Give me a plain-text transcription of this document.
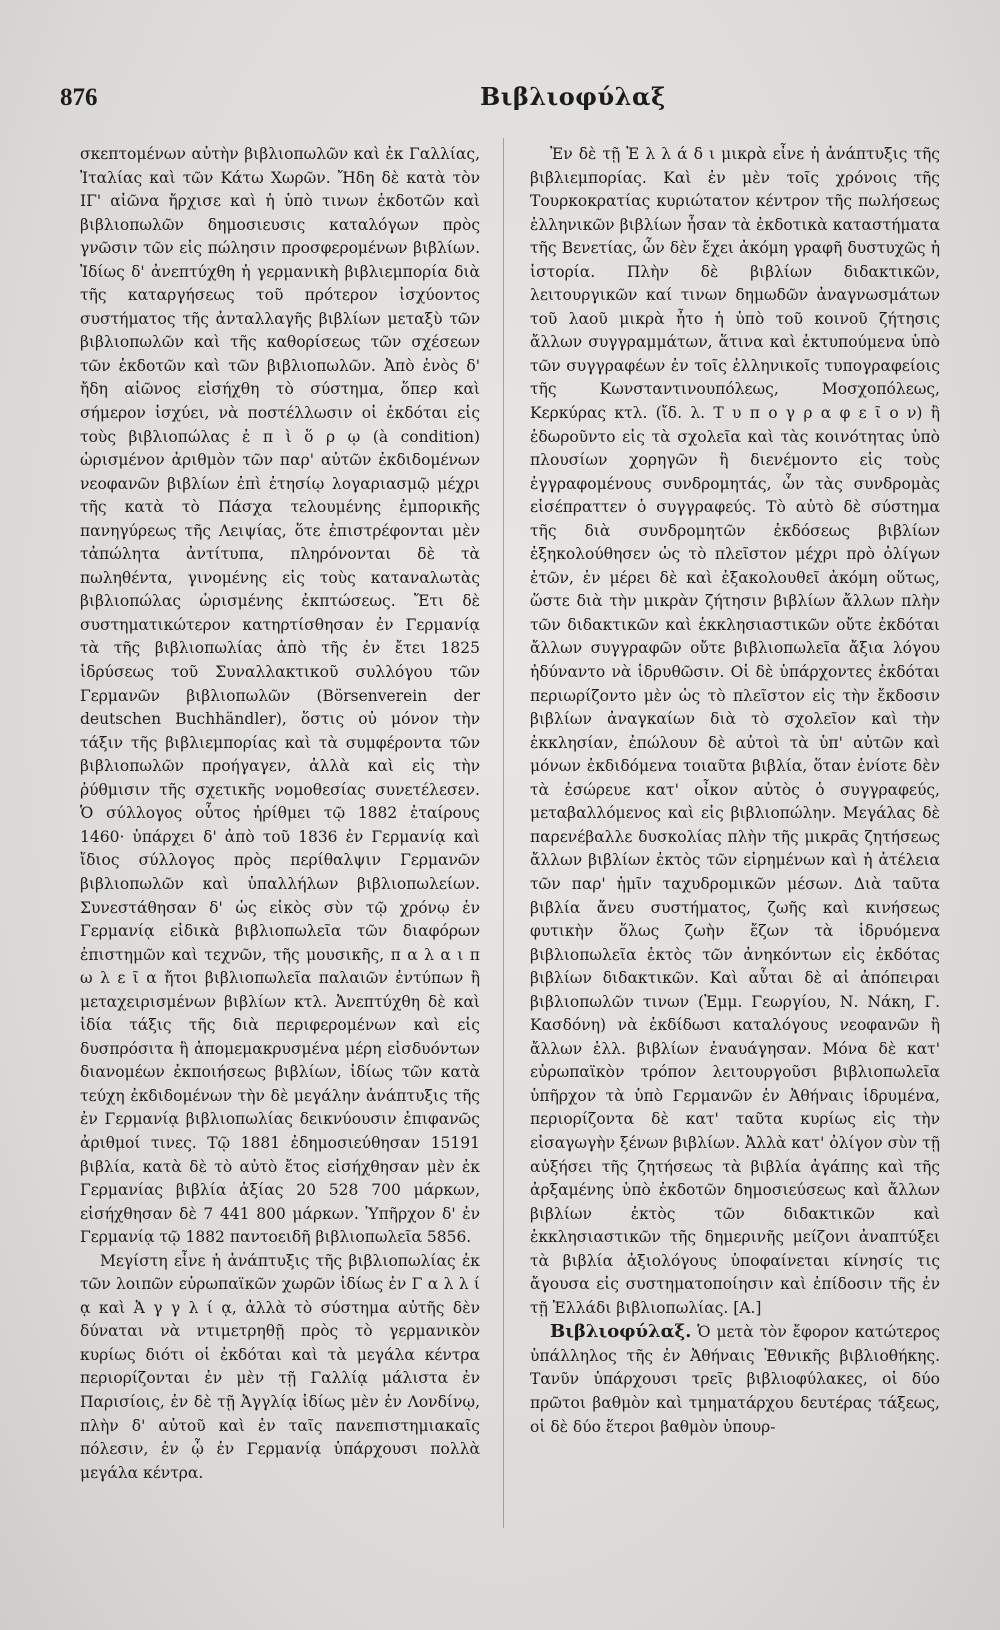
876	Βιβλιοφύλαξ

σκεπτομένων αὐτὴν βιβλιοπωλῶν καὶ ἐκ Γαλλίας, Ἰταλίας καὶ τῶν Κάτω Χωρῶν. Ἤδη δὲ κατὰ τὸν ΙΓ' αἰῶνα ἤρχισε καὶ ἡ ὑπὸ τινων ἐκδοτῶν καὶ βιβλιοπωλῶν δημοσιευσις καταλόγων πρὸς γνῶσιν τῶν εἰς πώλησιν προσφερομένων βιβλίων. Ἰδίως δ' ἀνεπτύχθη ἡ γερμανικὴ βιβλιεμπορία διὰ τῆς καταργήσεως τοῦ πρότερον ἰσχύοντος συστήματος τῆς ἀνταλλαγῆς βιβλίων μεταξὺ τῶν βιβλιοπωλῶν καὶ τῆς καθορίσεως τῶν σχέσεων τῶν ἐκδοτῶν καὶ τῶν βιβλιοπωλῶν. Ἀπὸ ἑνὸς δ' ἤδη αἰῶνος εἰσήχθη τὸ σύστημα, ὅπερ καὶ σήμερον ἰσχύει, νὰ ποστέλλωσιν οἱ ἐκδόται εἰς τοὺς βιβλιοπώλας ἐ π ὶ ὅ ρ ῳ (à condition) ὡρισμένον ἀριθμὸν τῶν παρ' αὐτῶν ἐκδιδομένων νεοφανῶν βιβλίων ἐπὶ ἐτησίῳ λογαριασμῷ μέχρι τῆς κατὰ τὸ Πάσχα τελουμένης ἐμπορικῆς πανηγύρεως τῆς Λειψίας, ὅτε ἐπιστρέφονται μὲν τἀπώλητα ἀντίτυπα, πληρόνονται δὲ τὰ πωληθέντα, γινομένης εἰς τοὺς καταναλωτὰς βιβλιοπώλας ὡρισμένης ἐκπτώσεως. Ἔτι δὲ συστηματικώτερον κατηρτίσθησαν ἐν Γερμανίᾳ τὰ τῆς βιβλιοπωλίας ἀπὸ τῆς ἐν ἔτει 1825 ἱδρύσεως τοῦ Συναλλακτικοῦ συλλόγου τῶν Γερμανῶν βιβλιοπωλῶν (Börsenverein der deutschen Buchhändler), ὅστις οὐ μόνον τὴν τάξιν τῆς βιβλιεμπορίας καὶ τὰ συμφέροντα τῶν βιβλιοπωλῶν προήγαγεν, ἀλλὰ καὶ εἰς τὴν ῥύθμισιν τῆς σχετικῆς νομοθεσίας συνετέλεσεν. Ὁ σύλλογος οὗτος ἠρίθμει τῷ 1882 ἑταίρους 1460· ὑπάρχει δ' ἀπὸ τοῦ 1836 ἐν Γερμανίᾳ καὶ ἴδιος σύλλογος πρὸς περίθαλψιν Γερμανῶν βιβλιοπωλῶν καὶ ὑπαλλήλων βιβλιοπωλείων. Συνεστάθησαν δ' ὡς εἰκὸς σὺν τῷ χρόνῳ ἐν Γερμανίᾳ εἰδικὰ βιβλιοπωλεῖα τῶν διαφόρων ἐπιστημῶν καὶ τεχνῶν, τῆς μουσικῆς, π α λ α ι π ω λ ε ῖ α ἤτοι βιβλιοπωλεῖα παλαιῶν ἐντύπων ἢ μεταχειρισμένων βιβλίων κτλ. Ἀνεπτύχθη δὲ καὶ ἰδία τάξις τῆς διὰ περιφερομένων καὶ εἰς δυσπρόσιτα ἢ ἀπομεμακρυσμένα μέρη εἰσδυόντων διανομέων ἐκποιήσεως βιβλίων, ἰδίως τῶν κατὰ τεύχη ἐκδιδομένων τὴν δὲ μεγάλην ἀνάπτυξις τῆς ἐν Γερμανίᾳ βιβλιοπωλίας δεικνύουσιν ἐπιφανῶς ἀριθμοί τινες. Τῷ 1881 ἐδημοσιεύθησαν 15191 βιβλία, κατὰ δὲ τὸ αὐτὸ ἔτος εἰσήχθησαν μὲν ἐκ Γερμανίας βιβλία ἀξίας 20 528 700 μάρκων, εἰσήχθησαν δὲ 7 441 800 μάρκων. Ὑπῆρχον δ' ἐν Γερμανίᾳ τῷ 1882 παντοειδῆ βιβλιοπωλεῖα 5856.

Μεγίστη εἶνε ἡ ἀνάπτυξις τῆς βιβλιοπωλίας ἐκ τῶν λοιπῶν εὐρωπαϊκῶν χωρῶν ἰδίως ἐν Γ α λ λ ί ᾳ καὶ Ἀ γ γ λ ί ᾳ, ἀλλὰ τὸ σύστημα αὐτῆς δὲν δύναται νὰ ντιμετρηθῇ πρὸς τὸ γερμανικὸν κυρίως διότι οἱ ἐκδόται καὶ τὰ μεγάλα κέντρα περιορίζονται ἐν μὲν τῇ Γαλλίᾳ μάλιστα ἐν Παρισίοις, ἐν δὲ τῇ Ἀγγλίᾳ ἰδίως μὲν ἐν Λονδίνῳ, πλὴν δ' αὐτοῦ καὶ ἐν ταῖς πανεπιστημιακαῖς πόλεσιν, ἐν ᾧ ἐν Γερμανίᾳ ὑπάρχουσι πολλὰ μεγάλα κέντρα.

Ἐν δὲ τῇ Ἑ λ λ ά δ ι μικρὰ εἶνε ἡ ἀνάπτυξις τῆς βιβλιεμπορίας. Καὶ ἐν μὲν τοῖς χρόνοις τῆς Τουρκοκρατίας κυριώτατον κέντρον τῆς πωλήσεως ἑλληνικῶν βιβλίων ἦσαν τὰ ἐκδοτικὰ καταστήματα τῆς Βενετίας, ὧν δὲν ἔχει ἀκόμη γραφῆ δυστυχῶς ἡ ἱστορία. Πλὴν δὲ βιβλίων διδακτικῶν, λειτουργικῶν καί τινων δημωδῶν ἀναγνωσμάτων τοῦ λαοῦ μικρὰ ἦτο ἡ ὑπὸ τοῦ κοινοῦ ζήτησις ἄλλων συγγραμμάτων, ἅτινα καὶ ἐκτυπούμενα ὑπὸ τῶν συγγραφέων ἐν τοῖς ἑλληνικοῖς τυπογραφείοις τῆς Κωνσταντινουπόλεως, Μοσχοπόλεως, Κερκύρας κτλ. (ἴδ. λ. Τ υ π ο γ ρ α φ ε ῖ ο ν) ἢ ἐδωροῦντο εἰς τὰ σχολεῖα καὶ τὰς κοινότητας ὑπὸ πλουσίων χορηγῶν ἢ διενέμοντο εἰς τοὺς ἐγγραφομένους συνδρομητάς, ὧν τὰς συνδρομὰς εἰσέπραττεν ὁ συγγραφεύς. Τὸ αὐτὸ δὲ σύστημα τῆς διὰ συνδρομητῶν ἐκδόσεως βιβλίων ἐξηκολούθησεν ὡς τὸ πλεῖστον μέχρι πρὸ ὀλίγων ἐτῶν, ἐν μέρει δὲ καὶ ἐξακολουθεῖ ἀκόμη οὕτως, ὥστε διὰ τὴν μικρὰν ζήτησιν βιβλίων ἄλλων πλὴν τῶν διδακτικῶν καὶ ἐκκλησιαστικῶν οὔτε ἐκδόται ἄλλων συγγραφῶν οὔτε βιβλιοπωλεῖα ἄξια λόγου ἠδύναντο νὰ ἱδρυθῶσιν. Οἱ δὲ ὑπάρχοντες ἐκδόται περιωρίζοντο μὲν ὡς τὸ πλεῖστον εἰς τὴν ἔκδοσιν βιβλίων ἀναγκαίων διὰ τὸ σχολεῖον καὶ τὴν ἐκκλησίαν, ἐπώλουν δὲ αὐτοὶ τὰ ὑπ' αὐτῶν καὶ μόνων ἐκδιδόμενα τοιαῦτα βιβλία, ὅταν ἐνίοτε δὲν τὰ ἐσώρευε κατ' οἶκον αὐτὸς ὁ συγγραφεύς, μεταβαλλόμενος καὶ εἰς βιβλιοπώλην. Μεγάλας δὲ παρενέβαλλε δυσκολίας πλὴν τῆς μικρᾶς ζητήσεως ἄλλων βιβλίων ἐκτὸς τῶν εἰρημένων καὶ ἡ ἀτέλεια τῶν παρ' ἡμῖν ταχυδρομικῶν μέσων. Διὰ ταῦτα βιβλία ἄνευ συστήματος, ζωῆς καὶ κινήσεως φυτικὴν ὅλως ζωὴν ἔζων τὰ ἱδρυόμενα βιβλιοπωλεῖα ἐκτὸς τῶν ἀνηκόντων εἰς ἐκδότας βιβλίων διδακτικῶν. Καὶ αὗται δὲ αἱ ἀπόπειραι βιβλιοπωλῶν τινων (Ἐμμ. Γεωργίου, Ν. Νάκη, Γ. Κασδόνη) νὰ ἐκδίδωσι καταλόγους νεοφανῶν ἢ ἄλλων ἑλλ. βιβλίων ἐναυάγησαν. Μόνα δὲ κατ' εὐρωπαϊκὸν τρόπον λειτουργοῦσι βιβλιοπωλεῖα ὑπῆρχον τὰ ὑπὸ Γερμανῶν ἐν Ἀθήναις ἱδρυμένα, περιορίζοντα δὲ κατ' ταῦτα κυρίως εἰς τὴν εἰσαγωγὴν ξένων βιβλίων. Ἀλλὰ κατ' ὀλίγον σὺν τῇ αὐξήσει τῆς ζητήσεως τὰ βιβλία ἀγάπης καὶ τῆς ἀρξαμένης ὑπὸ ἐκδοτῶν δημοσιεύσεως καὶ ἄλλων βιβλίων ἐκτὸς τῶν διδακτικῶν καὶ ἐκκλησιαστικῶν τῆς δημερινῆς μείζονι ἀναπτύξει τὰ βιβλία ἀξιολόγους ὑποφαίνεται κίνησίς τις ἄγουσα εἰς συστηματοποίησιν καὶ ἐπίδοσιν τῆς ἐν τῇ Ἑλλάδι βιβλιοπωλίας. [Α.]

Βιβλιοφύλαξ. Ὁ μετὰ τὸν ἔφορον κατώτερος ὑπάλληλος τῆς ἐν Ἀθήναις Ἐθνικῆς βιβλιοθήκης. Τανῦν ὑπάρχουσι τρεῖς βιβλιοφύλακες, οἱ δύο πρῶτοι βαθμὸν καὶ τμηματάρχου δευτέρας τάξεως, οἱ δὲ δύο ἕτεροι βαθμὸν ὑπουρ-
